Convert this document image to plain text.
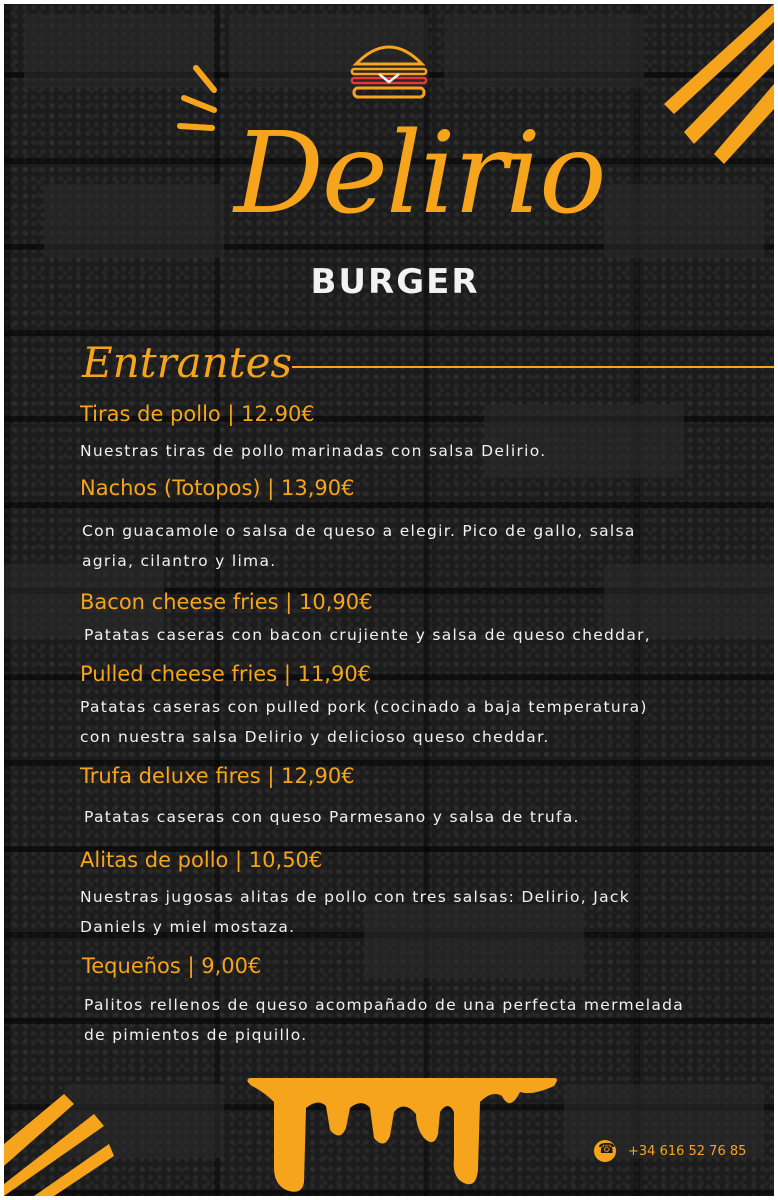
Delirio
BURGER
Entrantes
Tiras de pollo | 12.90€
Nuestras tiras de pollo marinadas con salsa Delirio.
Nachos (Totopos) | 13,90€
Con guacamole o salsa de queso a elegir. Pico de gallo, salsa agria, cilantro y lima.
Bacon cheese fries | 10,90€
Patatas caseras con bacon crujiente y salsa de queso cheddar,
Pulled cheese fries | 11,90€
Patatas caseras con pulled pork (cocinado a baja temperatura) con nuestra salsa Delirio y delicioso queso cheddar.
Trufa deluxe fires | 12,90€
Patatas caseras con queso Parmesano y salsa de trufa.
Alitas de pollo | 10,50€
Nuestras jugosas alitas de pollo con tres salsas: Delirio, Jack Daniels y miel mostaza.
Tequeños | 9,00€
Palitos rellenos de queso acompañado de una perfecta mermelada de pimientos de piquillo.
☎
+34 616 52 76 85
